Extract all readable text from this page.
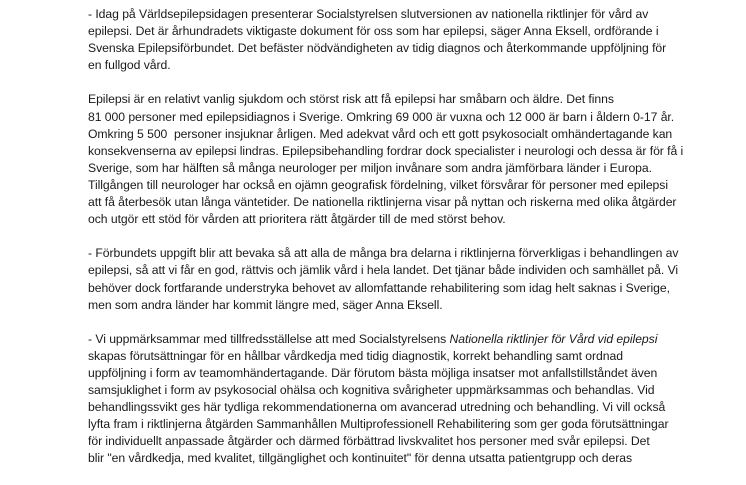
- Idag på Världsepilepsidagen presenterar Socialstyrelsen slutversionen av nationella riktlinjer för vård av
epilepsi. Det är århundradets viktigaste dokument för oss som har epilepsi, säger Anna Eksell, ordförande i
Svenska Epilepsiförbundet. Det befäster nödvändigheten av tidig diagnos och återkommande uppföljning för
en fullgod vård.
Epilepsi är en relativt vanlig sjukdom och störst risk att få epilepsi har småbarn och äldre. Det finns
81 000 personer med epilepsidiagnos i Sverige. Omkring 69 000 är vuxna och 12 000 är barn i åldern 0-17 år.
Omkring 5 500  personer insjuknar årligen. Med adekvat vård och ett gott psykosocialt omhändertagande kan
konsekvenserna av epilepsi lindras. Epilepsibehandling fordrar dock specialister i neurologi och dessa är för få i
Sverige, som har hälften så många neurologer per miljon invånare som andra jämförbara länder i Europa.
Tillgången till neurologer har också en ojämn geografisk fördelning, vilket försvårar för personer med epilepsi
att få återbesök utan långa väntetider. De nationella riktlinjerna visar på nyttan och riskerna med olika åtgärder
och utgör ett stöd för vården att prioritera rätt åtgärder till de med störst behov.
- Förbundets uppgift blir att bevaka så att alla de många bra delarna i riktlinjerna förverkligas i behandlingen av
epilepsi, så att vi får en god, rättvis och jämlik vård i hela landet. Det tjänar både individen och samhället på. Vi
behöver dock fortfarande understryka behovet av allomfattande rehabilitering som idag helt saknas i Sverige,
men som andra länder har kommit längre med, säger Anna Eksell.
- Vi uppmärksammar med tillfredsställelse att med Socialstyrelsens Nationella riktlinjer för Vård vid epilepsi
skapas förutsättningar för en hållbar vårdkedja med tidig diagnostik, korrekt behandling samt ordnad
uppföljning i form av teamomhändertagande. Där förutom bästa möjliga insatser mot anfallstillståndet även
samsjuklighet i form av psykosocial ohälsa och kognitiva svårigheter uppmärksammas och behandlas. Vid
behandlingssvikt ges här tydliga rekommendationerna om avancerad utredning och behandling. Vi vill också
lyfta fram i riktlinjerna åtgärden Sammanhållen Multiprofessionell Rehabilitering som ger goda förutsättningar
för individuellt anpassade åtgärder och därmed förbättrad livskvalitet hos personer med svår epilepsi. Det
blir "en vårdkedja, med kvalitet, tillgänglighet och kontinuitet" för denna utsatta patientgrupp och deras
